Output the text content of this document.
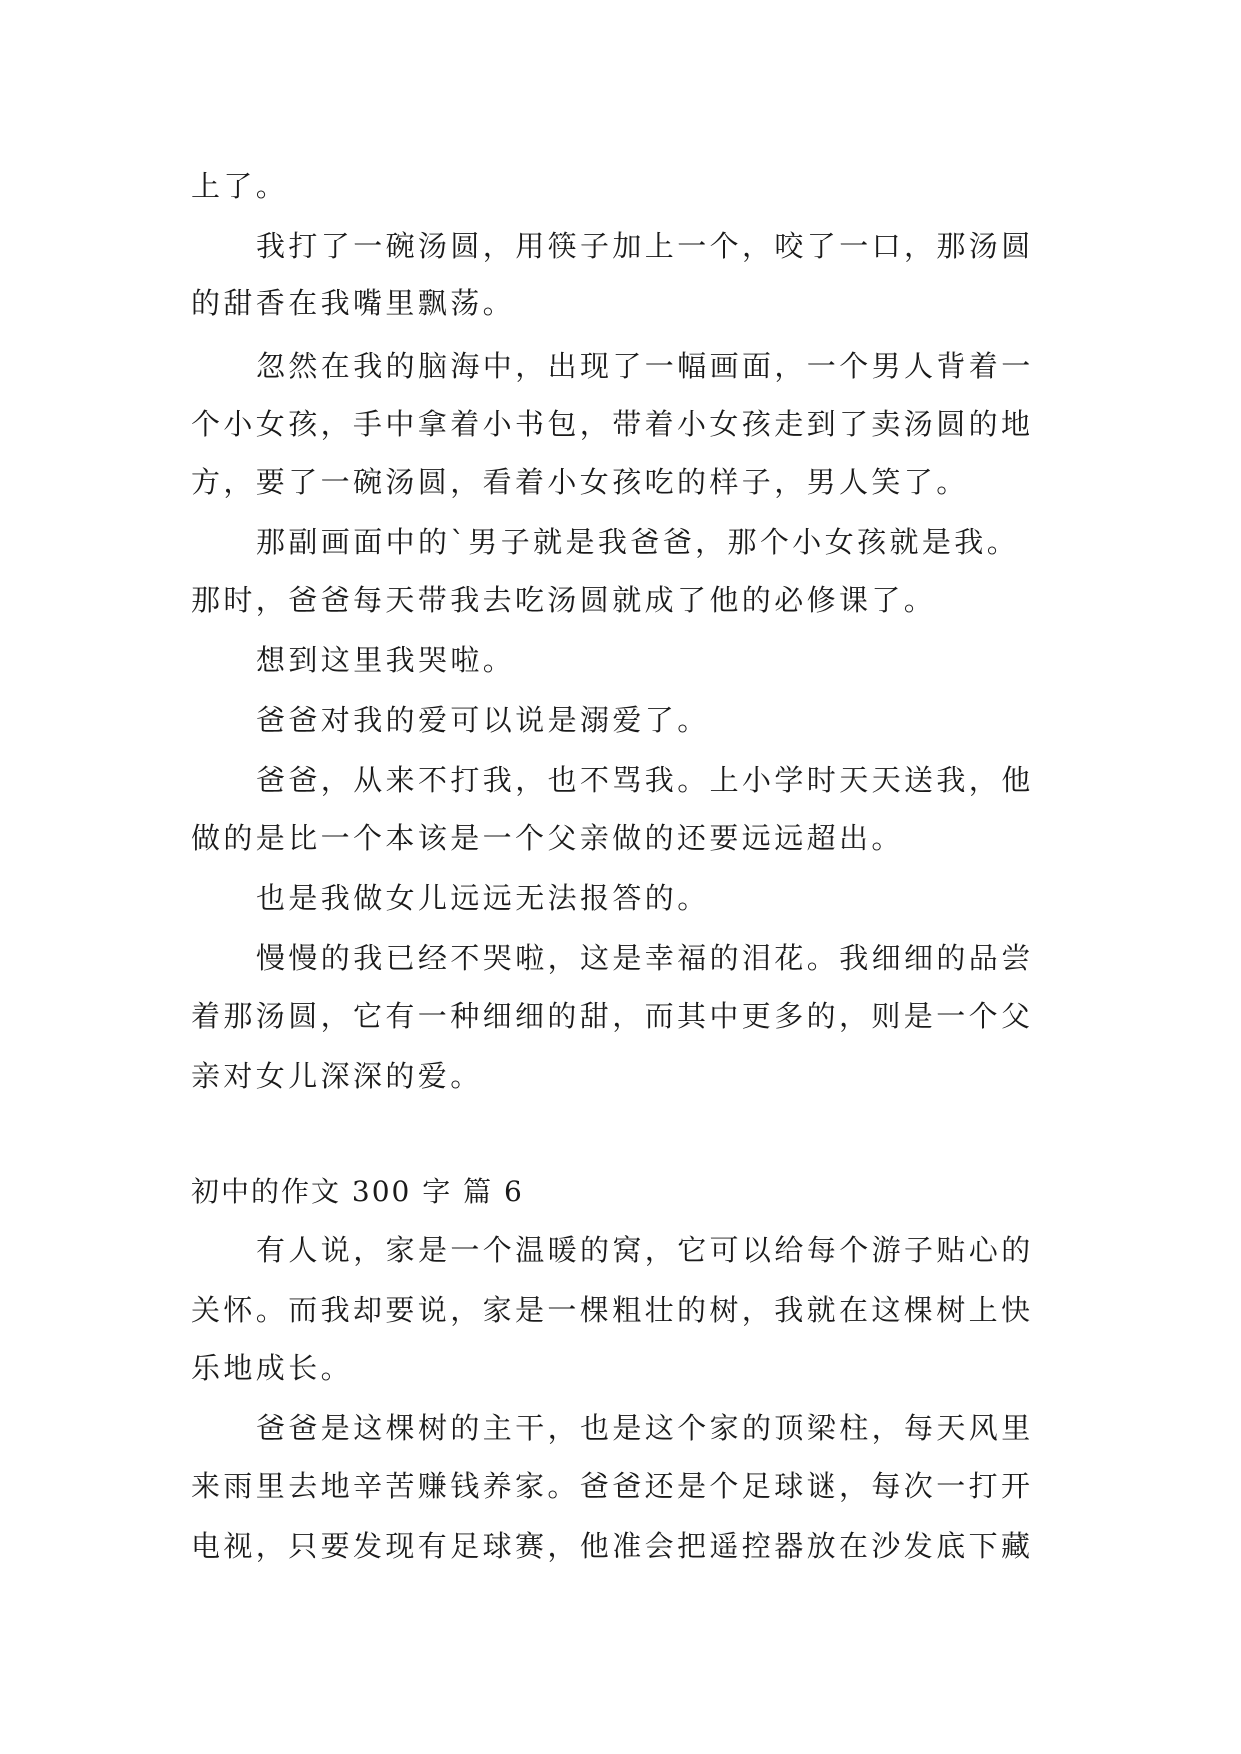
上了。
我打了一碗汤圆，用筷子加上一个，咬了一口，那汤圆
的甜香在我嘴里飘荡。
忽然在我的脑海中，出现了一幅画面，一个男人背着一
个小女孩，手中拿着小书包，带着小女孩走到了卖汤圆的地
方，要了一碗汤圆，看着小女孩吃的样子，男人笑了。
那副画面中的`男子就是我爸爸，那个小女孩就是我。
那时，爸爸每天带我去吃汤圆就成了他的必修课了。
想到这里我哭啦。
爸爸对我的爱可以说是溺爱了。
爸爸，从来不打我，也不骂我。上小学时天天送我，他
做的是比一个本该是一个父亲做的还要远远超出。
也是我做女儿远远无法报答的。
慢慢的我已经不哭啦，这是幸福的泪花。我细细的品尝
着那汤圆，它有一种细细的甜，而其中更多的，则是一个父
亲对女儿深深的爱。
初中的作文 300 字 篇 6
有人说，家是一个温暖的窝，它可以给每个游子贴心的
关怀。而我却要说，家是一棵粗壮的树，我就在这棵树上快
乐地成长。
爸爸是这棵树的主干，也是这个家的顶梁柱，每天风里
来雨里去地辛苦赚钱养家。爸爸还是个足球谜，每次一打开
电视，只要发现有足球赛，他准会把遥控器放在沙发底下藏
